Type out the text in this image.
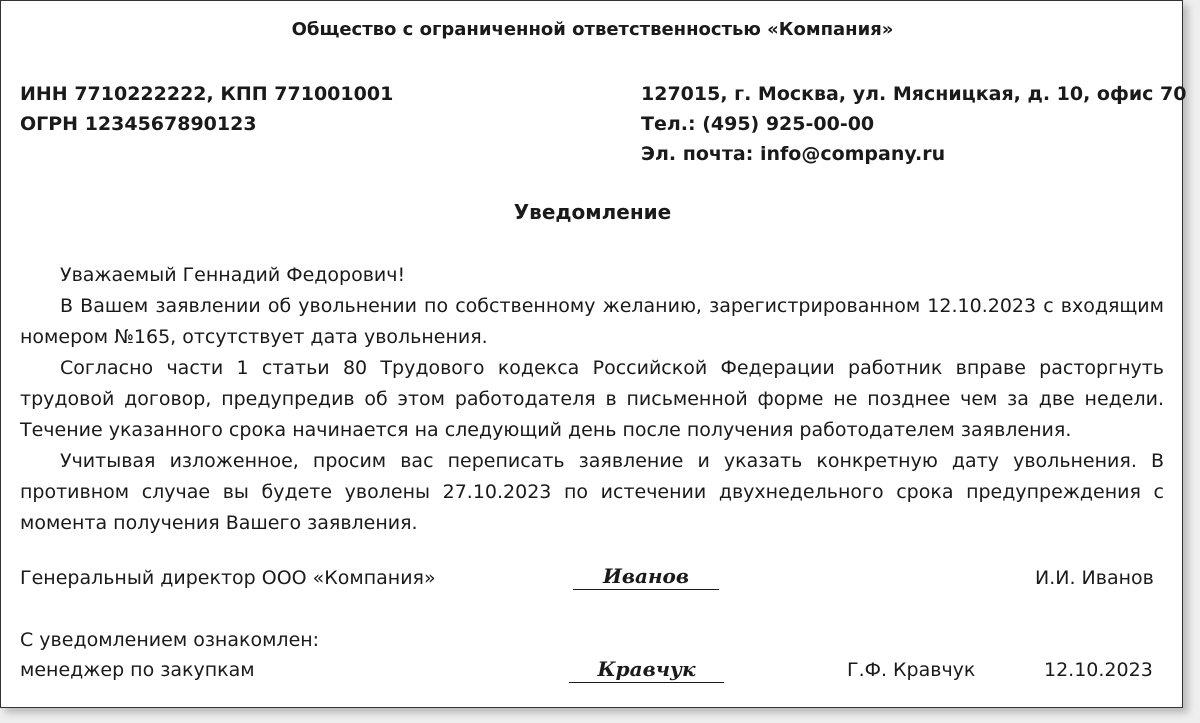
Общество с ограниченной ответственностью «Компания»
ИНН 7710222222, КПП 771001001
ОГРН 1234567890123
127015, г. Москва, ул. Мясницкая, д. 10, офис 70
Тел.: (495) 925-00-00
Эл. почта: info@company.ru
Уведомление

Уважаемый Геннадий Федорович!

В Вашем заявлении об увольнении по собственному желанию, зарегистрированном 12.10.2023 с входящим номером №165, отсутствует дата увольнения.

Согласно части 1 статьи 80 Трудового кодекса Российской Федерации работник вправе расторгнуть трудовой договор, предупредив об этом работодателя в письменной форме не позднее чем за две недели. Течение указанного срока начинается на следующий день после получения работодателем заявления.

Учитывая изложенное, просим вас переписать заявление и указать конкретную дату увольнения. В противном случае вы будете уволены 27.10.2023 по истечении двухнедельного срока предупреждения с момента получения Вашего заявления.

Генеральный директор ООО «Компания»	Иванов	И.И. Иванов
С уведомлением ознакомлен:
менеджер по закупкам	Кравчук	Г.Ф. Кравчук	12.10.2023
